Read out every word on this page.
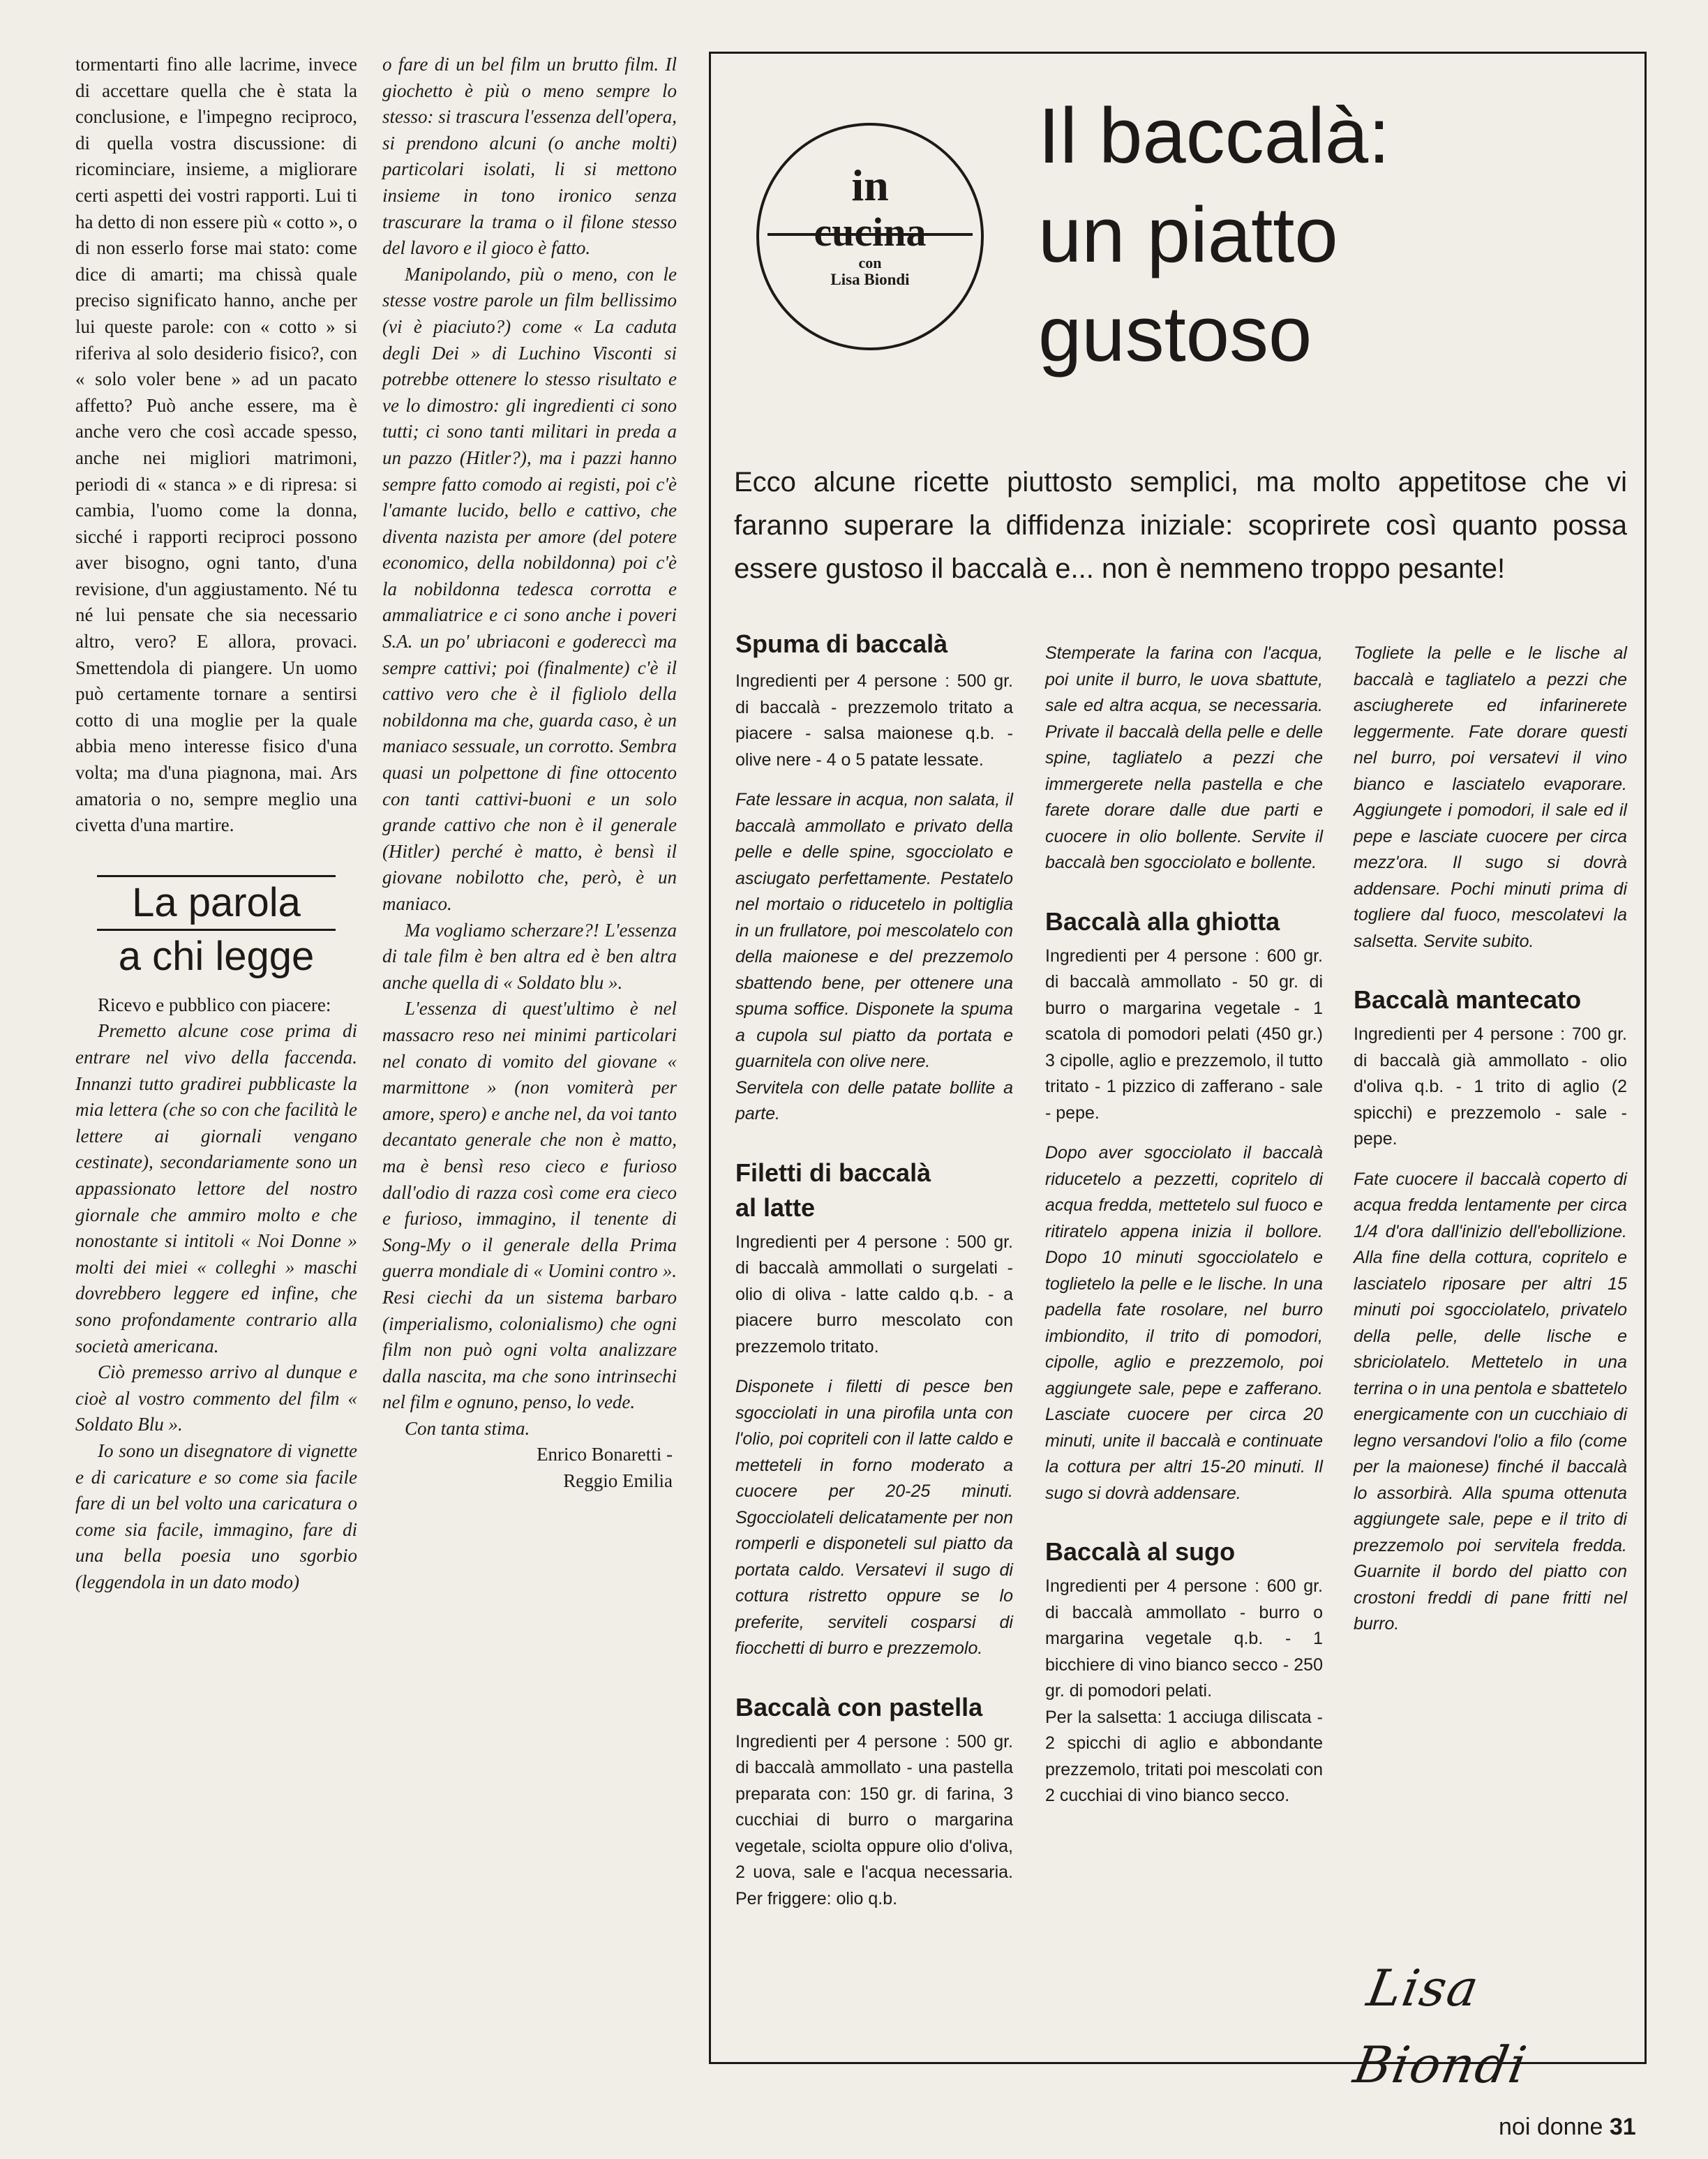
tormentarti fino alle lacrime, invece di accettare quella che è stata la conclusione, e l'impegno reciproco, di quella vostra discussione: di ricominciare, insieme, a migliorare certi aspetti dei vostri rapporti. Lui ti ha detto di non essere più « cotto », o di non esserlo forse mai stato: come dice di amarti; ma chissà quale preciso significato hanno, anche per lui queste parole: con « cotto » si riferiva al solo desiderio fisico?, con « solo voler bene » ad un pacato affetto? Può anche essere, ma è anche vero che così accade spesso, anche nei migliori matrimoni, periodi di « stanca » e di ripresa: si cambia, l'uomo come la donna, sicché i rapporti reciproci possono aver bisogno, ogni tanto, d'una revisione, d'un aggiustamento. Né tu né lui pensate che sia necessario altro, vero? E allora, provaci. Smettendola di piangere. Un uomo può certamente tornare a sentirsi cotto di una moglie per la quale abbia meno interesse fisico d'una volta; ma d'una piagnona, mai. Ars amatoria o no, sempre meglio una civetta d'una martire.

La parola
a chi legge

Ricevo e pubblico con piacere:

Premetto alcune cose prima di entrare nel vivo della faccenda. Innanzi tutto gradirei pubblicaste la mia lettera (che so con che facilità le lettere ai giornali vengano cestinate), secondariamente sono un appassionato lettore del nostro giornale che ammiro molto e che nonostante si intitoli « Noi Donne » molti dei miei « colleghi » maschi dovrebbero leggere ed infine, che sono profondamente contrario alla società americana.

Ciò premesso arrivo al dunque e cioè al vostro commento del film « Soldato Blu ».

Io sono un disegnatore di vignette e di caricature e so come sia facile fare di un bel volto una caricatura o come sia facile, immagino, fare di una bella poesia uno sgorbio (leggendola in un dato modo)

o fare di un bel film un brutto film. Il giochetto è più o meno sempre lo stesso: si trascura l'essenza dell'opera, si prendono alcuni (o anche molti) particolari isolati, li si mettono insieme in tono ironico senza trascurare la trama o il filone stesso del lavoro e il gioco è fatto.

Manipolando, più o meno, con le stesse vostre parole un film bellissimo (vi è piaciuto?) come « La caduta degli Dei » di Luchino Visconti si potrebbe ottenere lo stesso risultato e ve lo dimostro: gli ingredienti ci sono tutti; ci sono tanti militari in preda a un pazzo (Hitler?), ma i pazzi hanno sempre fatto comodo ai registi, poi c'è l'amante lucido, bello e cattivo, che diventa nazista per amore (del potere economico, della nobildonna) poi c'è la nobildonna tedesca corrotta e ammaliatrice e ci sono anche i poveri S.A. un po' ubriaconi e godereccì ma sempre cattivi; poi (finalmente) c'è il cattivo vero che è il figliolo della nobildonna ma che, guarda caso, è un maniaco sessuale, un corrotto. Sembra quasi un polpettone di fine ottocento con tanti cattivi-buoni e un solo grande cattivo che non è il generale (Hitler) perché è matto, è bensì il giovane nobilotto che, però, è un maniaco.

Ma vogliamo scherzare?! L'essenza di tale film è ben altra ed è ben altra anche quella di « Soldato blu ».

L'essenza di quest'ultimo è nel massacro reso nei minimi particolari nel conato di vomito del giovane « marmittone » (non vomiterà per amore, spero) e anche nel, da voi tanto decantato generale che non è matto, ma è bensì reso cieco e furioso dall'odio di razza così come era cieco e furioso, immagino, il tenente di Song-My o il generale della Prima guerra mondiale di « Uomini contro ». Resi ciechi da un sistema barbaro (imperialismo, colonialismo) che ogni film non può ogni volta analizzare dalla nascita, ma che sono intrinsechi nel film e ognuno, penso, lo vede.

Con tanta stima.

Enrico Bonaretti -

Reggio Emilia

in
cucina
con
Lisa Biondi
Il baccalà:
un piatto
gustoso
Ecco alcune ricette piuttosto semplici, ma molto appetitose che vi faranno superare la diffidenza iniziale: scoprirete così quanto possa essere gustoso il baccalà e... non è nemmeno troppo pesante!
Spuma di baccalà

Ingredienti per 4 persone : 500 gr. di baccalà - prezzemolo tritato a piacere - salsa maionese q.b. - olive nere - 4 o 5 patate lessate.

Fate lessare in acqua, non salata, il baccalà ammollato e privato della pelle e delle spine, sgocciolato e asciugato perfettamente. Pestatelo nel mortaio o riducetelo in poltiglia in un frullatore, poi mescolatelo con della maionese e del prezzemolo sbattendo bene, per ottenere una spuma soffice. Disponete la spuma a cupola sul piatto da portata e guarnitela con olive nere.

Servitela con delle patate bollite a parte.

Filetti di baccalà
al latte

Ingredienti per 4 persone : 500 gr. di baccalà ammollati o surgelati - olio di oliva - latte caldo q.b. - a piacere burro mescolato con prezzemolo tritato.

Disponete i filetti di pesce ben sgocciolati in una pirofila unta con l'olio, poi copriteli con il latte caldo e metteteli in forno moderato a cuocere per 20-25 minuti. Sgocciolateli delicatamente per non romperli e disponeteli sul piatto da portata caldo. Versatevi il sugo di cottura ristretto oppure se lo preferite, serviteli cosparsi di fiocchetti di burro e prezzemolo.

Baccalà con pastella

Ingredienti per 4 persone : 500 gr. di baccalà ammollato - una pastella preparata con: 150 gr. di farina, 3 cucchiai di burro o margarina vegetale, sciolta oppure olio d'oliva, 2 uova, sale e l'acqua necessaria. Per friggere: olio q.b.

Stemperate la farina con l'acqua, poi unite il burro, le uova sbattute, sale ed altra acqua, se necessaria. Private il baccalà della pelle e delle spine, tagliatelo a pezzi che immergerete nella pastella e che farete dorare dalle due parti e cuocere in olio bollente. Servite il baccalà ben sgocciolato e bollente.

Baccalà alla ghiotta

Ingredienti per 4 persone : 600 gr. di baccalà ammollato - 50 gr. di burro o margarina vegetale - 1 scatola di pomodori pelati (450 gr.) 3 cipolle, aglio e prezzemolo, il tutto tritato - 1 pizzico di zafferano - sale - pepe.

Dopo aver sgocciolato il baccalà riducetelo a pezzetti, copritelo di acqua fredda, mettetelo sul fuoco e ritiratelo appena inizia il bollore. Dopo 10 minuti sgocciolatelo e toglietelo la pelle e le lische. In una padella fate rosolare, nel burro imbiondito, il trito di pomodori, cipolle, aglio e prezzemolo, poi aggiungete sale, pepe e zafferano. Lasciate cuocere per circa 20 minuti, unite il baccalà e continuate la cottura per altri 15-20 minuti. Il sugo si dovrà addensare.

Baccalà al sugo

Ingredienti per 4 persone : 600 gr. di baccalà ammollato - burro o margarina vegetale q.b. - 1 bicchiere di vino bianco secco - 250 gr. di pomodori pelati.

Per la salsetta: 1 acciuga diliscata - 2 spicchi di aglio e abbondante prezzemolo, tritati poi mescolati con 2 cucchiai di vino bianco secco.

Togliete la pelle e le lische al baccalà e tagliatelo a pezzi che asciugherete ed infarinerete leggermente. Fate dorare questi nel burro, poi versatevi il vino bianco e lasciatelo evaporare. Aggiungete i pomodori, il sale ed il pepe e lasciate cuocere per circa mezz'ora. Il sugo si dovrà addensare. Pochi minuti prima di togliere dal fuoco, mescolatevi la salsetta. Servite subito.

Baccalà mantecato

Ingredienti per 4 persone : 700 gr. di baccalà già ammollato - olio d'oliva q.b. - 1 trito di aglio (2 spicchi) e prezzemolo - sale - pepe.

Fate cuocere il baccalà coperto di acqua fredda lentamente per circa 1/4 d'ora dall'inizio dell'ebollizione. Alla fine della cottura, copritelo e lasciatelo riposare per altri 15 minuti poi sgocciolatelo, privatelo della pelle, delle lische e sbriciolatelo. Mettetelo in una terrina o in una pentola e sbattetelo energicamente con un cucchiaio di legno versandovi l'olio a filo (come per la maionese) finché il baccalà lo assorbirà. Alla spuma ottenuta aggiungete sale, pepe e il trito di prezzemolo poi servitela fredda. Guarnite il bordo del piatto con crostoni freddi di pane fritti nel burro.

Lisa Biondi
noi donne 31
